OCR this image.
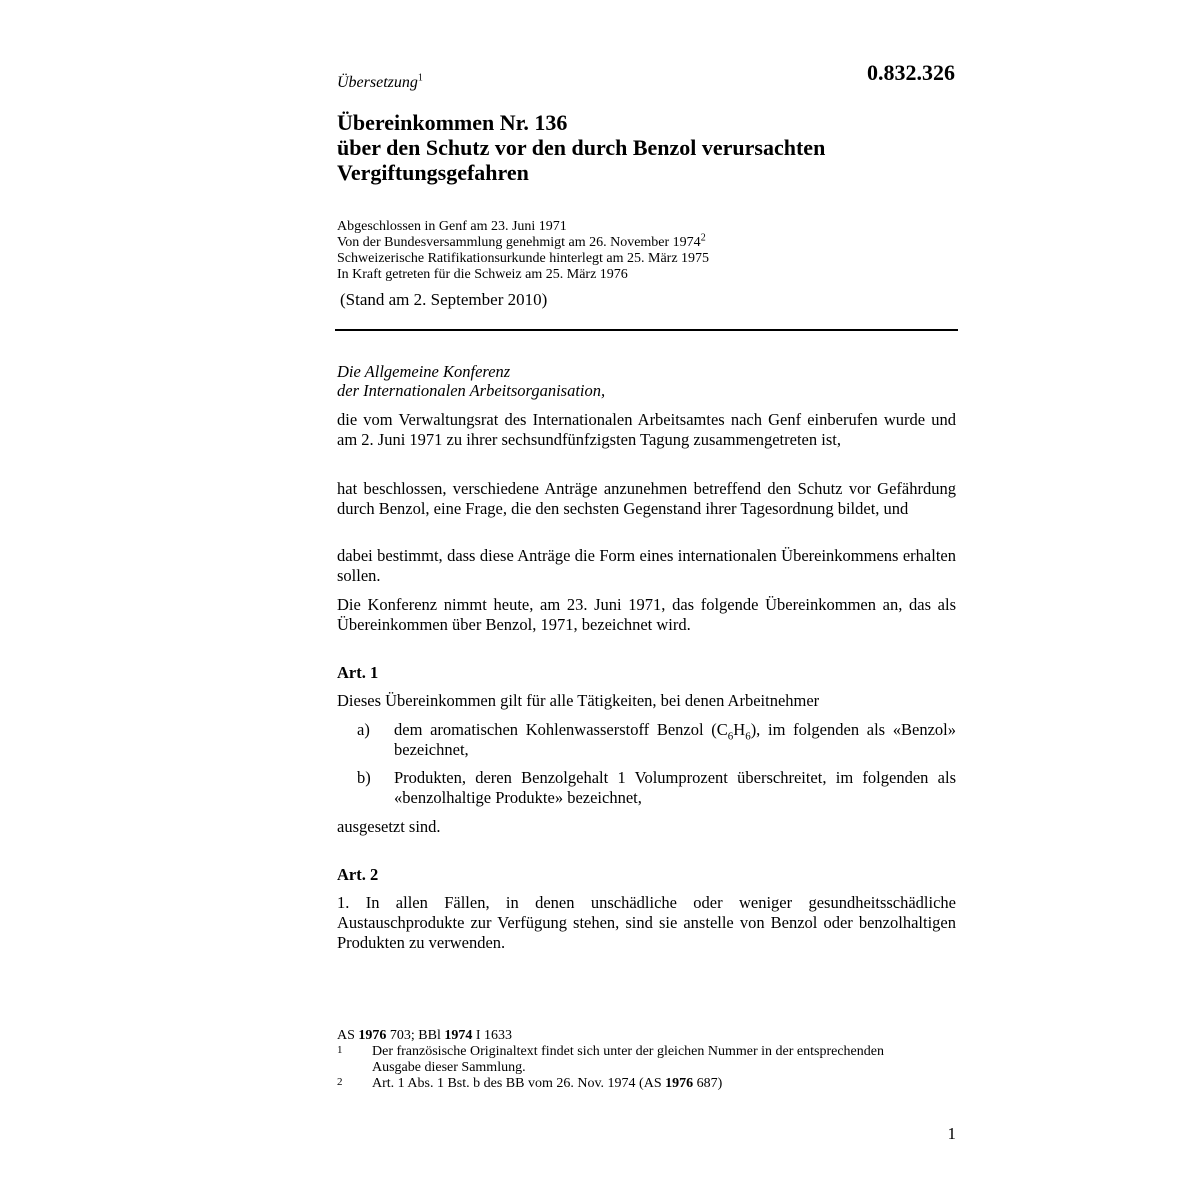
0.832.326
Übersetzung$^1$
Übereinkommen Nr. 136
über den Schutz vor den durch Benzol verursachten
Vergiftungsgefahren
Abgeschlossen in Genf am 23. Juni 1971
Von der Bundesversammlung genehmigt am 26. November 1974$^2$
Schweizerische Ratifikationsurkunde hinterlegt am 25. März 1975
In Kraft getreten für die Schweiz am 25. März 1976
(Stand am 2. September 2010)
Die Allgemeine Konferenz
der Internationalen Arbeitsorganisation,
die vom Verwaltungsrat des Internationalen Arbeitsamtes nach Genf einberufen wurde und am 2. Juni 1971 zu ihrer sechsundfünfzigsten Tagung zusammengetreten ist,
hat beschlossen, verschiedene Anträge anzunehmen betreffend den Schutz vor Gefährdung durch Benzol, eine Frage, die den sechsten Gegenstand ihrer Tagesordnung bildet, und
dabei bestimmt, dass diese Anträge die Form eines internationalen Übereinkommens erhalten sollen.
Die Konferenz nimmt heute, am 23. Juni 1971, das folgende Übereinkommen an, das als Übereinkommen über Benzol, 1971, bezeichnet wird.
Art. 1
Dieses Übereinkommen gilt für alle Tätigkeiten, bei denen Arbeitnehmer
a)	dem aromatischen Kohlenwasserstoff Benzol $(C_6H_6)$, im folgenden als «Benzol» bezeichnet,
b)	Produkten, deren Benzolgehalt 1 Volumprozent überschreitet, im folgenden als «benzolhaltige Produkte» bezeichnet,
ausgesetzt sind.
Art. 2
1. In allen Fällen, in denen unschädliche oder weniger gesundheitsschädliche Austauschprodukte zur Verfügung stehen, sind sie anstelle von Benzol oder benzolhaltigen Produkten zu verwenden.
AS 1976 703; BBl 1974 I 1633
1 Der französische Originaltext findet sich unter der gleichen Nummer in der entsprechenden Ausgabe dieser Sammlung.
2 Art. 1 Abs. 1 Bst. b des BB vom 26. Nov. 1974 (AS 1976 687)
1
